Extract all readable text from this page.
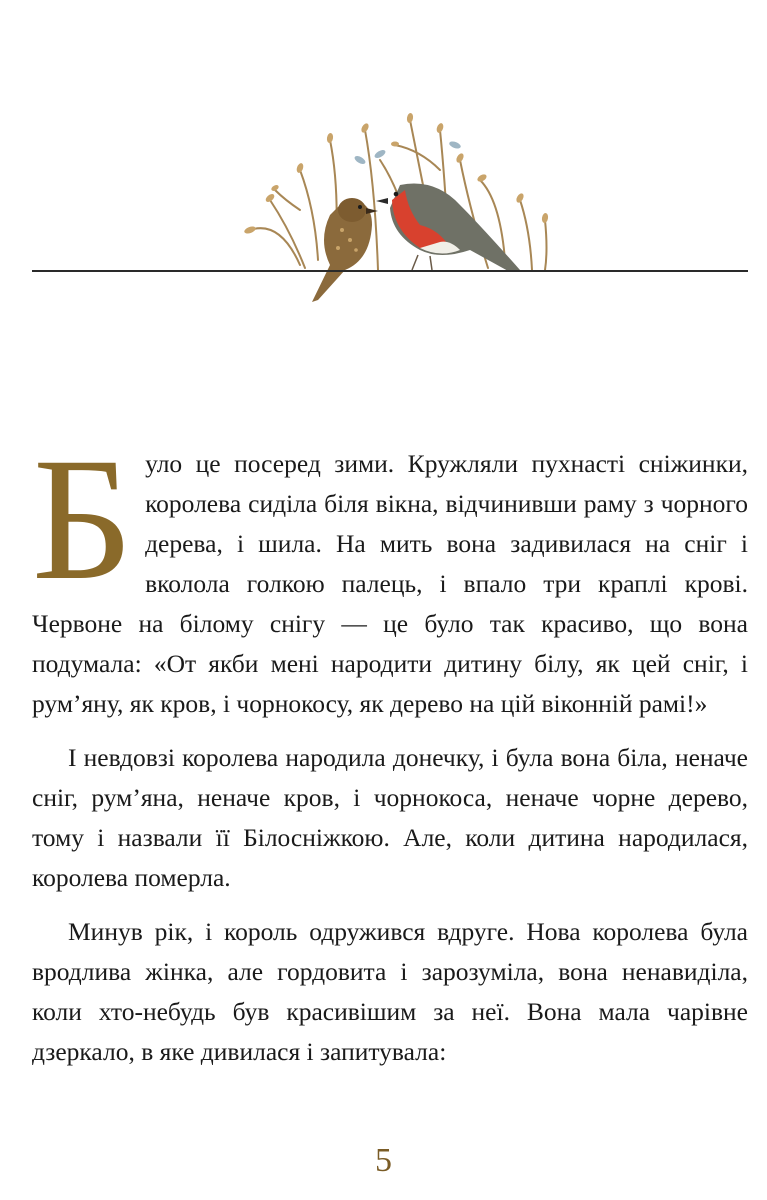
Було це посеред зими. Кружляли пухнасті сніжинки, королева сиділа біля вікна, відчинивши раму з чорного дерева, і шила. На мить вона задивилася на сніг і вколола голкою палець, і впало три краплі крові. Червоне на білому снігу — це було так красиво, що вона подумала: «От якби мені народити дитину білу, як цей сніг, і рум’яну, як кров, і чорнокосу, як дерево на цій віконній рамі!»

І невдовзі королева народила донечку, і була вона біла, неначе сніг, рум’яна, неначе кров, і чорнокоса, неначе чорне дерево, тому і назвали її Білосніжкою. Але, коли дитина народилася, королева померла.

Минув рік, і король одружився вдруге. Нова королева була вродлива жінка, але гордовита і зарозуміла, вона ненавиділа, коли хто-небудь був красивішим за неї. Вона мала чарівне дзеркало, в яке дивилася і запитувала:

5
